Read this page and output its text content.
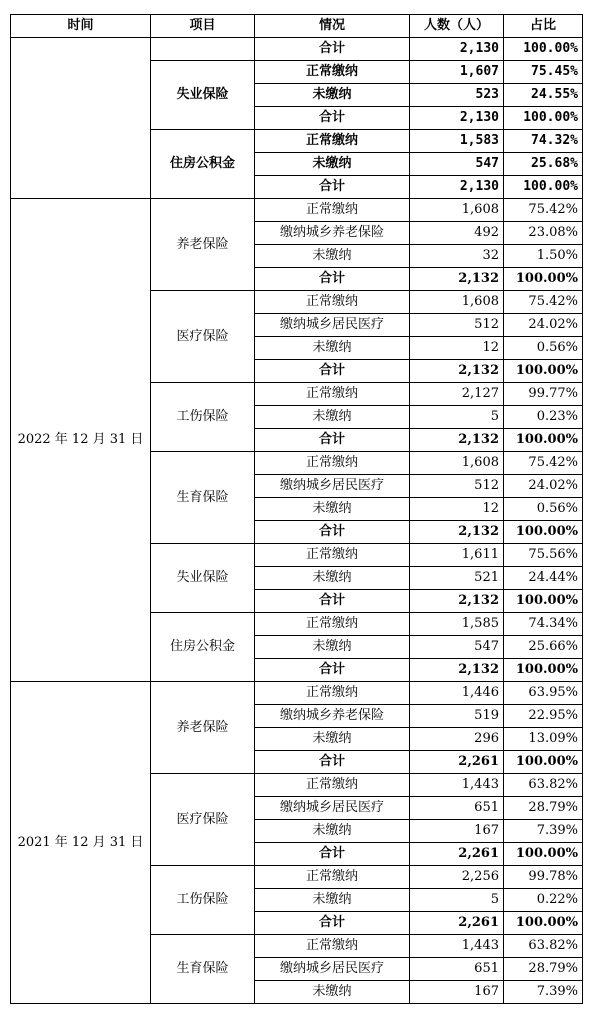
时间	项目	情况	人数（人）	占比
		合计	2,130	100.00%
	失业保险	正常缴纳	1,607	75.45%
		未缴纳	523	24.55%
		合计	2,130	100.00%
	住房公积金	正常缴纳	1,583	74.32%
		未缴纳	547	25.68%
		合计	2,130	100.00%
2022 年 12 月 31 日	养老保险	正常缴纳	1,608	75.42%
		缴纳城乡养老保险	492	23.08%
		未缴纳	32	1.50%
		合计	2,132	100.00%
	医疗保险	正常缴纳	1,608	75.42%
		缴纳城乡居民医疗	512	24.02%
		未缴纳	12	0.56%
		合计	2,132	100.00%
	工伤保险	正常缴纳	2,127	99.77%
		未缴纳	5	0.23%
		合计	2,132	100.00%
	生育保险	正常缴纳	1,608	75.42%
		缴纳城乡居民医疗	512	24.02%
		未缴纳	12	0.56%
		合计	2,132	100.00%
	失业保险	正常缴纳	1,611	75.56%
		未缴纳	521	24.44%
		合计	2,132	100.00%
	住房公积金	正常缴纳	1,585	74.34%
		未缴纳	547	25.66%
		合计	2,132	100.00%
2021 年 12 月 31 日	养老保险	正常缴纳	1,446	63.95%
		缴纳城乡养老保险	519	22.95%
		未缴纳	296	13.09%
		合计	2,261	100.00%
	医疗保险	正常缴纳	1,443	63.82%
		缴纳城乡居民医疗	651	28.79%
		未缴纳	167	7.39%
		合计	2,261	100.00%
	工伤保险	正常缴纳	2,256	99.78%
		未缴纳	5	0.22%
		合计	2,261	100.00%
	生育保险	正常缴纳	1,443	63.82%
		缴纳城乡居民医疗	651	28.79%
		未缴纳	167	7.39%
